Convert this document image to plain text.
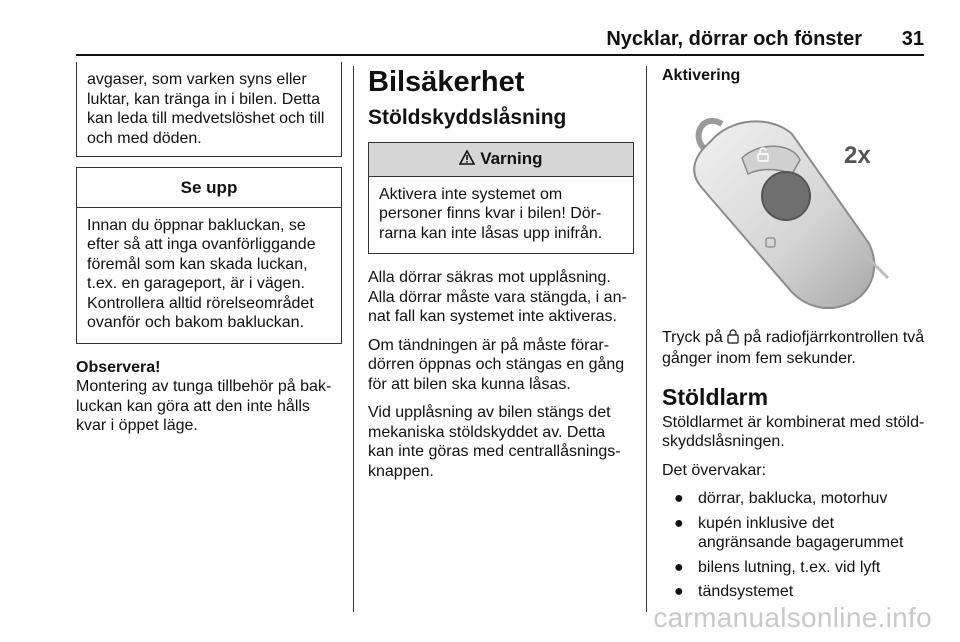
Nycklar, dörrar och fönster 31
avgaser, som varken syns eller luktar, kan tränga in i bilen. Detta kan leda till medvetslöshet och till och med döden.
Se upp
Innan du öppnar bakluckan, se efter så att inga ovanförliggande föremål som kan skada luckan, t.ex. en garageport, är i vägen. Kontrollera alltid rörelseområdet ovanför och bakom bakluckan.
Observera!
Montering av tunga tillbehör på bakluckan kan göra att den inte hålls kvar i öppet läge.
Bilsäkerhet
Stöldskyddslåsning
Varning
Aktivera inte systemet om personer finns kvar i bilen! Dörrarna kan inte låsas upp inifrån.

Alla dörrar säkras mot upplåsning. Alla dörrar måste vara stängda, i annat fall kan systemet inte aktiveras.

Om tändningen är på måste förardörren öppnas och stängas en gång för att bilen ska kunna låsas.

Vid upplåsning av bilen stängs det mekaniska stöldskyddet av. Detta kan inte göras med centrallåsningsknappen.

Aktivering
2x
Tryck på på radiofjärrkontrollen två gånger inom fem sekunder.
Stöldlarm

Stöldlarmet är kombinerat med stöldskyddslåsningen.

Det övervakar:

● dörrar, baklucka, motorhuv
● kupén inklusive det angränsande bagagerummet
● bilens lutning, t.ex. vid lyft
● tändsystemet
carmanualsonline.info
